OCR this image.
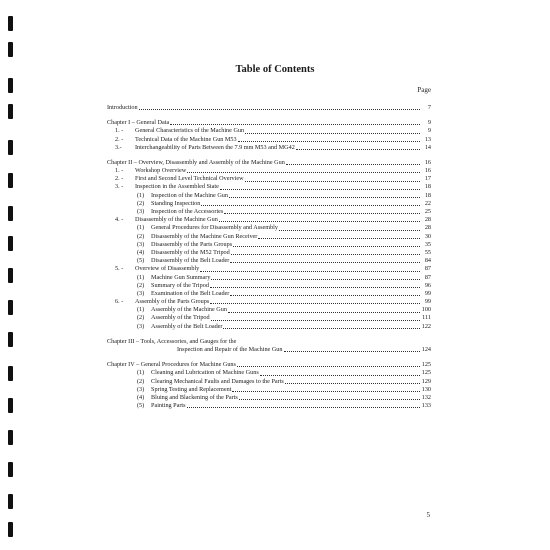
Table of Contents
Page
Introduction	7
Chapter I – General Data	9
1. -	General Characteristics of the Machine Gun	9
2. -	Technical Data of the Machine Gun M53	13
3.-	Interchangeability of Parts Between the 7.9 mm M53 and MG42	14
Chapter II – Overview, Disassembly and Assembly of the Machine Gun	16
1. -	Workshop Overview	16
2. -	First and Second Level Technical Overview	17
3. -	Inspection in the Assembled State	18
(1)	Inspection of the Machine Gun	18
(2)	Standing Inspection	22
(3)	Inspection of the Accessories	25
4. -	Disassembly of the Machine Gun	28
(1)	General Procedures for Disassembly and Assembly	28
(2)	Disassembly of the Machine Gun Receiver	30
(3)	Disassembly of the Parts Groups	35
(4)	Disassembly of the M52 Tripod	55
(5)	Disassembly of the Belt Loader	84
5. -	Overview of Disassembly	87
(1)	Machine Gun Summary	87
(2)	Summary of the Tripod	96
(3)	Examination of the Belt Loader	99
6. -	Assembly of the Parts Groups	99
(1)	Assembly of the Machine Gun	100
(2)	Assembly of the Tripod	111
(3)	Assembly of the Belt Loader	122
Chapter III – Tools, Accessories, and Gauges for the
Inspection and Repair of the Machine Gun	124
Chapter IV – General Procedures for Machine Guns	125
(1)	Cleaning and Lubrication of Machine Guns	125
(2)	Clearing Mechanical Faults and Damages to the Parts	129
(3)	Spring Testing and Replacement	130
(4)	Bluing and Blackening of the Parts	132
(5)	Painting Parts	133
5
